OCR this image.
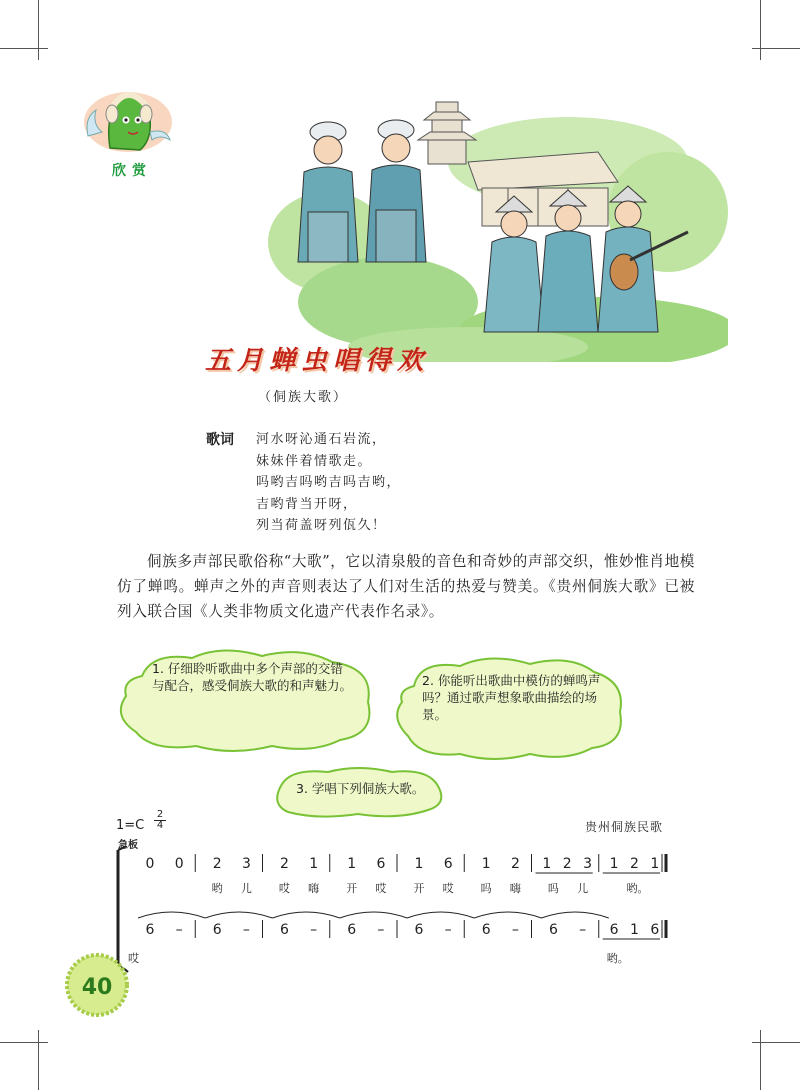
欣赏
五月蝉虫唱得欢
（侗族大歌）
歌词 河水呀沁通石岩流，
妹妹伴着情歌走。
吗哟吉吗哟吉吗吉哟，
吉哟背当开呀，
列当荷盖呀列佤久！

侗族多声部民歌俗称“大歌”，它以清泉般的音色和奇妙的声部交织，惟妙惟肖地模仿了蝉鸣。蝉声之外的声音则表达了人们对生活的热爱与赞美。《贵州侗族大歌》已被列入联合国《人类非物质文化遗产代表作名录》。

1. 仔细聆听歌曲中多个声部的交错与配合，感受侗族大歌的和声魅力。	2. 你能听出歌曲中模仿的蝉鸣声吗？通过歌声想象歌曲描绘的场景。
3. 学唱下列侗族大歌。
1=C
2
4
急板
贵州侗族民歌
0 0 2 3 2 1 1 6 1 6 1 2 1 2 3 1 2 1
6 – 6 – 6 – 6 – 6 – 6 – 6 – 6 1 6
哟 儿 哎 嗨 开 哎 开 哎 吗 嗨 吗 儿	哟。
哎	哟。
40
